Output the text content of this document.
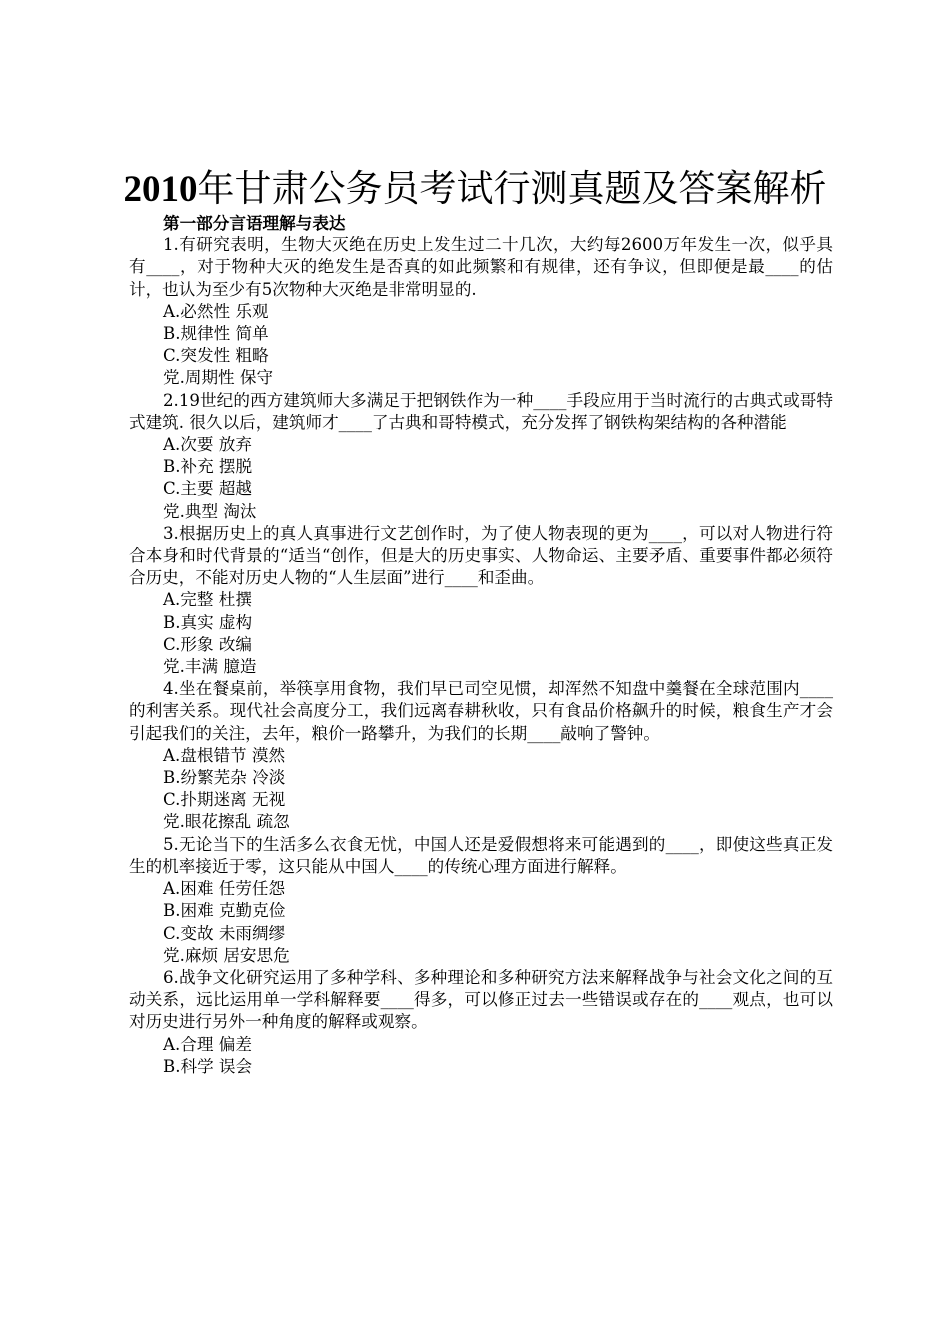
2010年甘肃公务员考试行测真题及答案解析

第一部分言语理解与表达

1.有研究表明，生物大灭绝在历史上发生过二十几次，大约每2600万年发生一次，似乎具有____，对于物种大灭的绝发生是否真的如此频繁和有规律，还有争议，但即便是最____的估计，也认为至少有5次物种大灭绝是非常明显的.

A.必然性 乐观

B.规律性 简单

C.突发性 粗略

党.周期性 保守

2.19世纪的西方建筑师大多满足于把钢铁作为一种____手段应用于当时流行的古典式或哥特式建筑. 很久以后，建筑师才____了古典和哥特模式，充分发挥了钢铁构架结构的各种潜能

A.次要 放弃

B.补充 摆脱

C.主要 超越

党.典型 淘汰

3.根据历史上的真人真事进行文艺创作时，为了使人物表现的更为____，可以对人物进行符合本身和时代背景的“适当“创作，但是大的历史事实、人物命运、主要矛盾、重要事件都必须符合历史，不能对历史人物的“人生层面”进行____和歪曲。

A.完整 杜撰

B.真实 虚构

C.形象 改编

党.丰满 臆造

4.坐在餐桌前，举筷享用食物，我们早已司空见惯，却浑然不知盘中羹餐在全球范围内____的利害关系。现代社会高度分工，我们远离春耕秋收，只有食品价格飙升的时候，粮食生产才会引起我们的关注，去年，粮价一路攀升，为我们的长期____敲响了警钟。

A.盘根错节 漠然

B.纷繁芜杂 冷淡

C.扑期迷离 无视

党.眼花擦乱 疏忽

5.无论当下的生活多么衣食无忧，中国人还是爱假想将来可能遇到的____，即使这些真正发生的机率接近于零，这只能从中国人____的传统心理方面进行解释。

A.困难 任劳任怨

B.困难 克勤克俭

C.变故 未雨绸缪

党.麻烦 居安思危

6.战争文化研究运用了多种学科、多种理论和多种研究方法来解释战争与社会文化之间的互动关系，远比运用单一学科解释要____得多，可以修正过去一些错误或存在的____观点，也可以对历史进行另外一种角度的解释或观察。

A.合理 偏差

B.科学 误会
